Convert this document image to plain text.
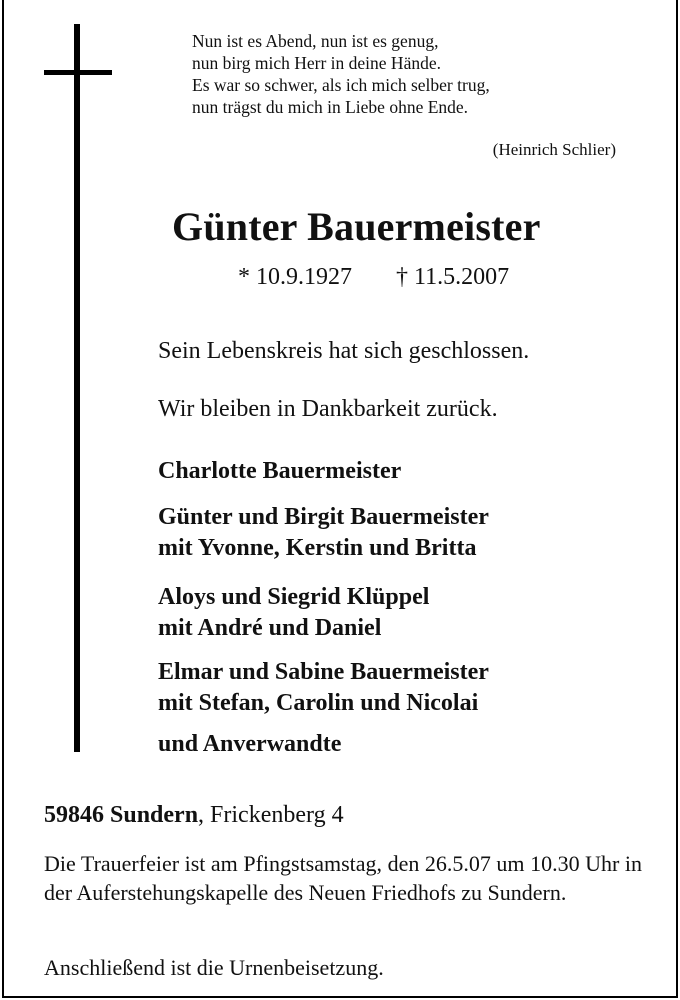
Nun ist es Abend, nun ist es genug,
nun birg mich Herr in deine Hände.
Es war so schwer, als ich mich selber trug,
nun trägst du mich in Liebe ohne Ende.
(Heinrich Schlier)
Günter Bauermeister
* 10.9.1927 † 11.5.2007
Sein Lebenskreis hat sich geschlossen.
Wir bleiben in Dankbarkeit zurück.
Charlotte Bauermeister
Günter und Birgit Bauermeister
mit Yvonne, Kerstin und Britta
Aloys und Siegrid Klüppel
mit André und Daniel
Elmar und Sabine Bauermeister
mit Stefan, Carolin und Nicolai
und Anverwandte
59846 Sundern, Frickenberg 4
Die Trauerfeier ist am Pfingstsamstag, den 26.5.07 um 10.30 Uhr in der Auferstehungskapelle des Neuen Friedhofs zu Sundern.
Anschließend ist die Urnenbeisetzung.
